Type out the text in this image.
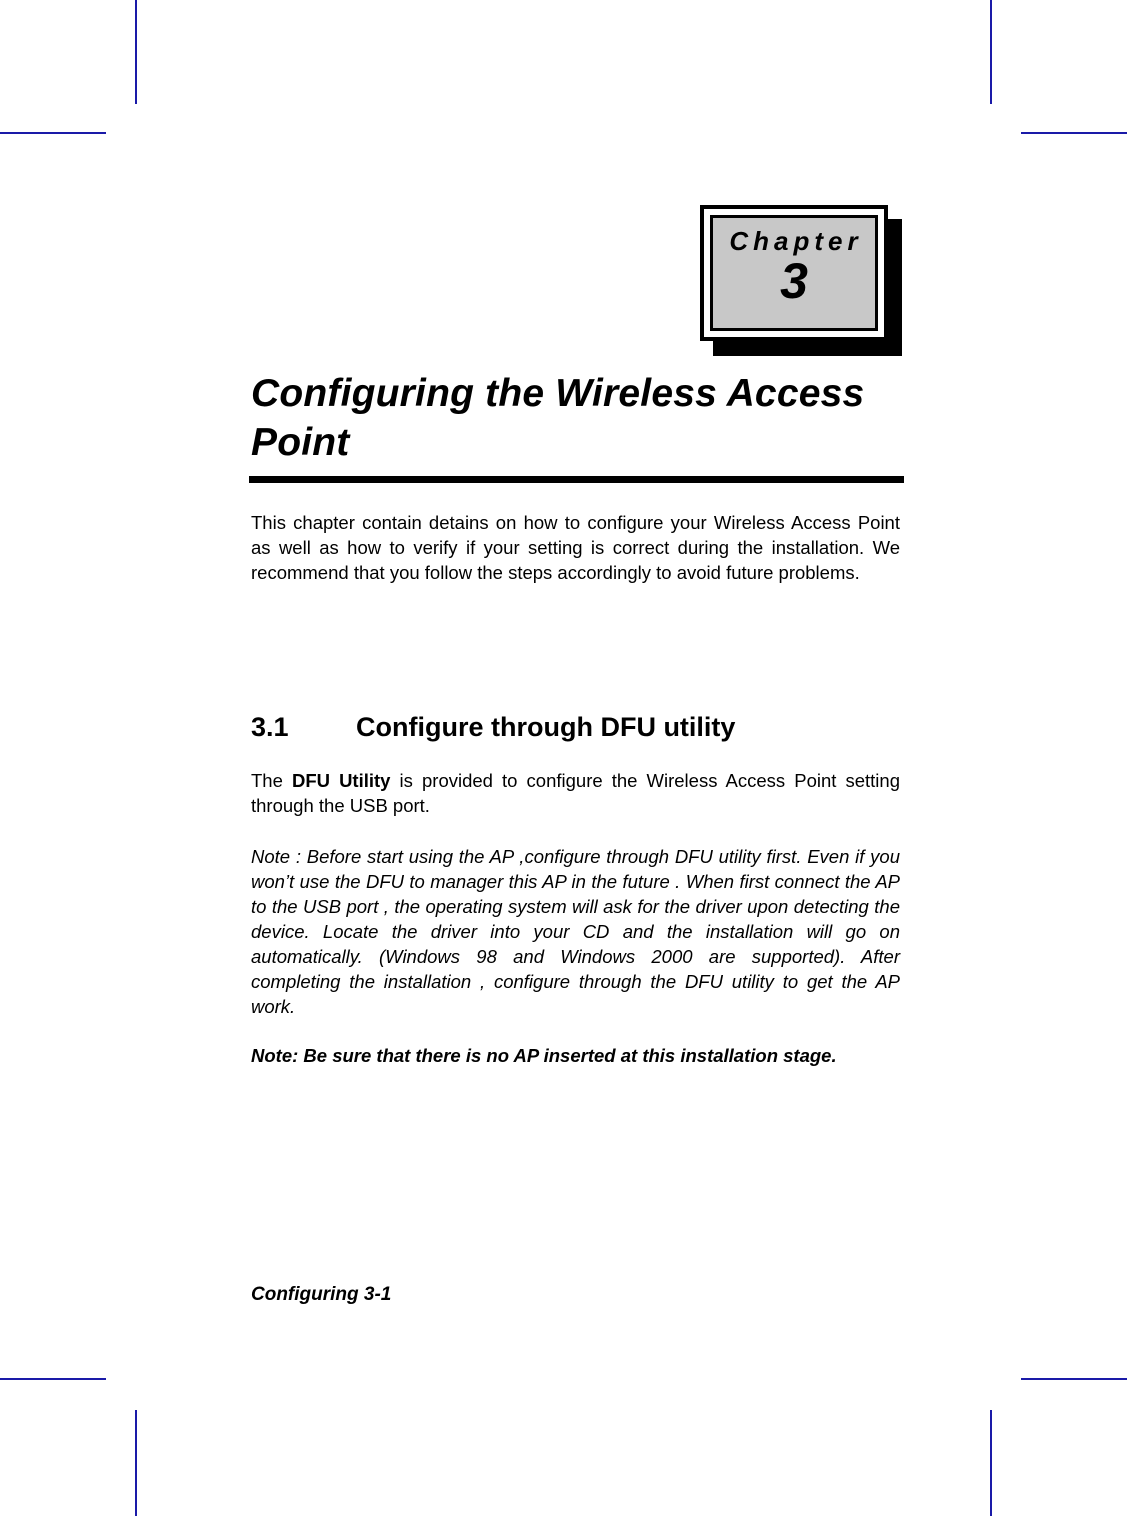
Chapter
3
Configuring the Wireless Access Point

This chapter contain detains on how to configure your Wireless Access Point as well as how to verify if your setting is correct during the installation. We recommend that you follow the steps accordingly to avoid future problems.

3.1 Configure through DFU utility

The DFU Utility is provided to configure the Wireless Access Point setting through the USB port.

Note : Before start using the AP ,configure through DFU utility first. Even if you won’t use the DFU to manager this AP in the future . When first connect the AP to the USB port , the operating system will ask for the driver upon detecting the device. Locate the driver into your CD and the installation will go on automatically. (Windows 98 and Windows 2000 are supported). After completing the installation , configure through the DFU utility to get the AP work.

Note: Be sure that there is no AP inserted at this installation stage.

Configuring 3-1
